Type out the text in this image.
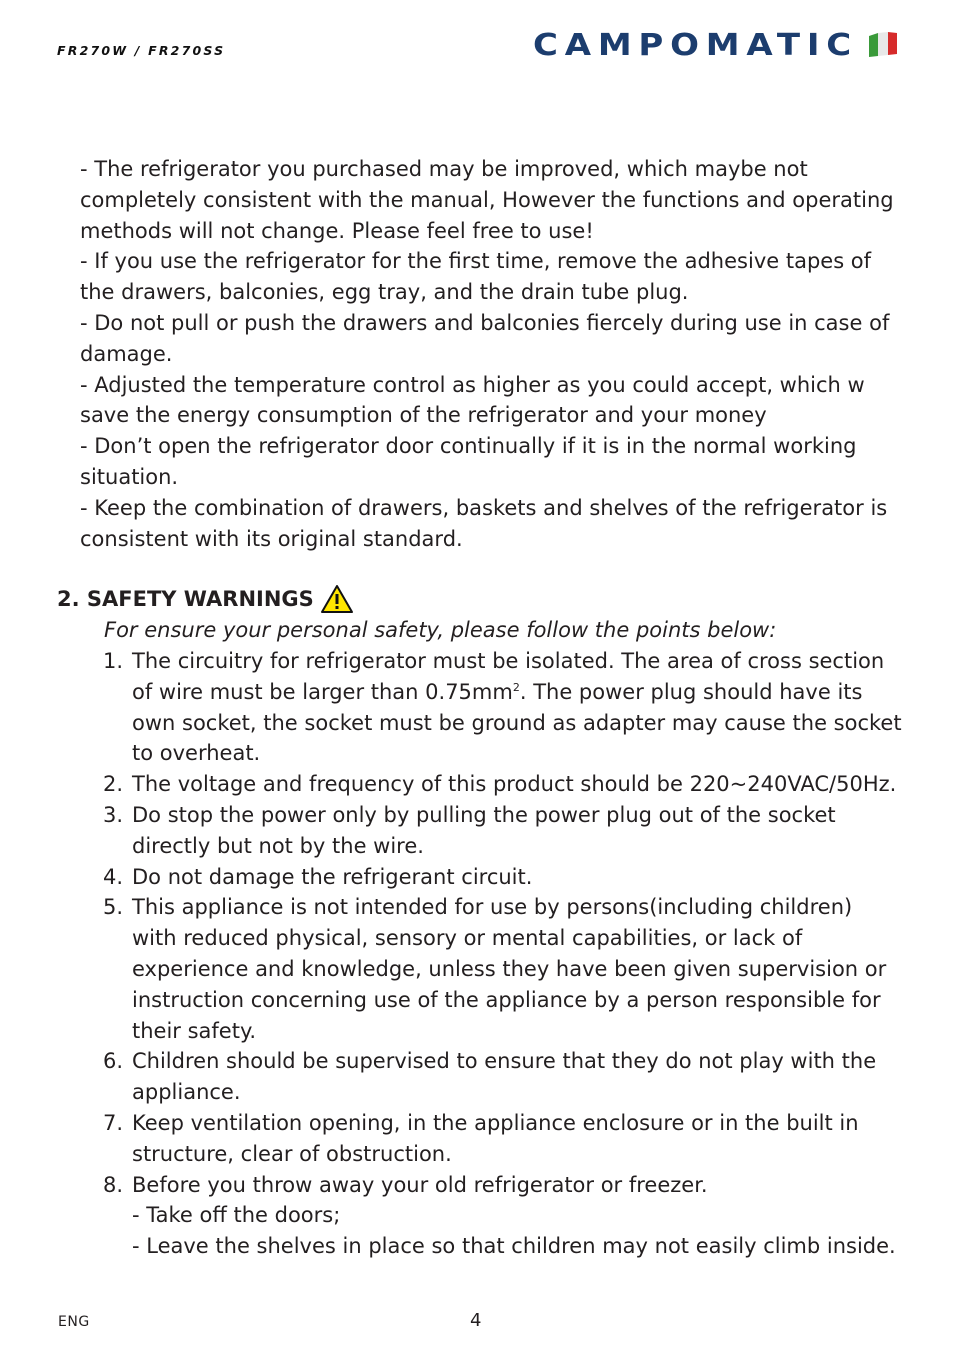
FR270W / FR270SS	CAMPOMATIC

- The refrigerator you purchased may be improved, which maybe not completely consistent with the manual, However the functions and operating methods will not change. Please feel free to use!

- If you use the refrigerator for the first time, remove the adhesive tapes of the drawers, balconies, egg tray, and the drain tube plug.

- Do not pull or push the drawers and balconies fiercely during use in case of damage.

- Adjusted the temperature control as higher as you could accept, which w save the energy consumption of the refrigerator and your money

- Don’t open the refrigerator door continually if it is in the normal working situation.

- Keep the combination of drawers, baskets and shelves of the refrigerator is consistent with its original standard.

2. SAFETY WARNINGS
For ensure your personal safety, please follow the points below:
1. The circuitry for refrigerator must be isolated. The area of cross section of wire must be larger than $0.75mm^2$. The power plug should have its own socket, the socket must be ground as adapter may cause the socket to overheat.
2. The voltage and frequency of this product should be 220~240VAC/50Hz.
3. Do stop the power only by pulling the power plug out of the socket directly but not by the wire.
4. Do not damage the refrigerant circuit.
5. This appliance is not intended for use by persons(including children) with reduced physical, sensory or mental capabilities, or lack of experience and knowledge, unless they have been given supervision or instruction concerning use of the appliance by a person responsible for their safety.
6. Children should be supervised to ensure that they do not play with the appliance.
7. Keep ventilation opening, in the appliance enclosure or in the built in structure, clear of obstruction.
8. Before you throw away your old refrigerator or freezer.
- Take off the doors;
- Leave the shelves in place so that children may not easily climb inside.
ENG	4
